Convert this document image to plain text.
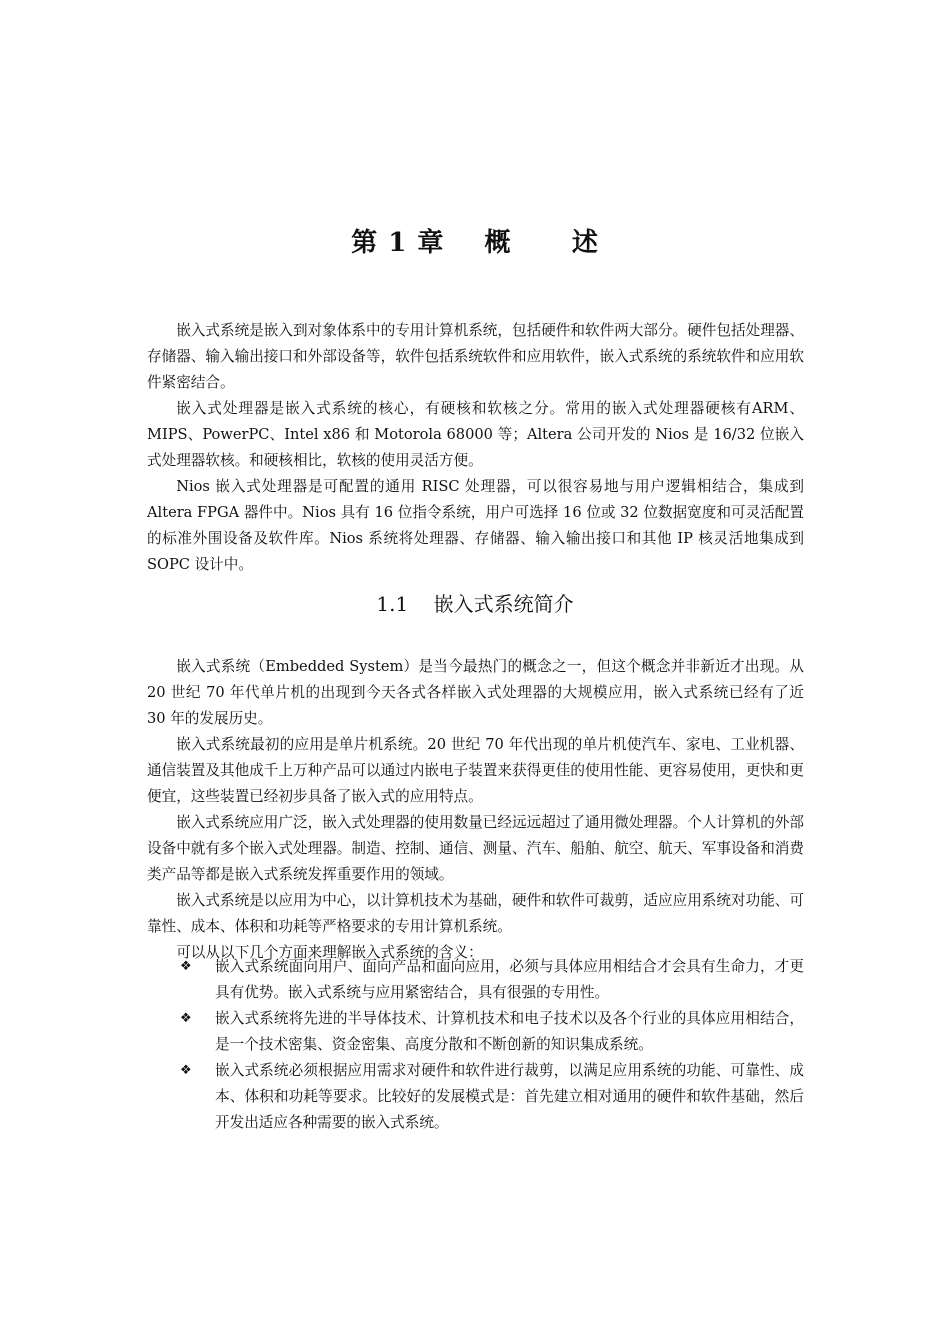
第 1 章    概      述

嵌入式系统是嵌入到对象体系中的专用计算机系统，包括硬件和软件两大部分。硬件包括处理器、存储器、输入输出接口和外部设备等，软件包括系统软件和应用软件，嵌入式系统的系统软件和应用软件紧密结合。

嵌入式处理器是嵌入式系统的核心，有硬核和软核之分。常用的嵌入式处理器硬核有ARM、MIPS、PowerPC、Intel x86 和 Motorola 68000 等；Altera 公司开发的 Nios 是 16/32 位嵌入式处理器软核。和硬核相比，软核的使用灵活方便。

Nios 嵌入式处理器是可配置的通用 RISC 处理器，可以很容易地与用户逻辑相结合，集成到 Altera FPGA 器件中。Nios 具有 16 位指令系统，用户可选择 16 位或 32 位数据宽度和可灵活配置的标准外围设备及软件库。Nios 系统将处理器、存储器、输入输出接口和其他 IP 核灵活地集成到 SOPC 设计中。

1.1    嵌入式系统简介

嵌入式系统（Embedded System）是当今最热门的概念之一，但这个概念并非新近才出现。从 20 世纪 70 年代单片机的出现到今天各式各样嵌入式处理器的大规模应用，嵌入式系统已经有了近 30 年的发展历史。

嵌入式系统最初的应用是单片机系统。20 世纪 70 年代出现的单片机使汽车、家电、工业机器、通信装置及其他成千上万种产品可以通过内嵌电子装置来获得更佳的使用性能、更容易使用，更快和更便宜，这些装置已经初步具备了嵌入式的应用特点。

嵌入式系统应用广泛，嵌入式处理器的使用数量已经远远超过了通用微处理器。个人计算机的外部设备中就有多个嵌入式处理器。制造、控制、通信、测量、汽车、船舶、航空、航天、军事设备和消费类产品等都是嵌入式系统发挥重要作用的领域。

嵌入式系统是以应用为中心，以计算机技术为基础，硬件和软件可裁剪，适应应用系统对功能、可靠性、成本、体积和功耗等严格要求的专用计算机系统。

可以从以下几个方面来理解嵌入式系统的含义：

❖ 嵌入式系统面向用户、面向产品和面向应用，必须与具体应用相结合才会具有生命力，才更具有优势。嵌入式系统与应用紧密结合，具有很强的专用性。
❖ 嵌入式系统将先进的半导体技术、计算机技术和电子技术以及各个行业的具体应用相结合，是一个技术密集、资金密集、高度分散和不断创新的知识集成系统。
❖ 嵌入式系统必须根据应用需求对硬件和软件进行裁剪，以满足应用系统的功能、可靠性、成本、体积和功耗等要求。比较好的发展模式是：首先建立相对通用的硬件和软件基础，然后开发出适应各种需要的嵌入式系统。
